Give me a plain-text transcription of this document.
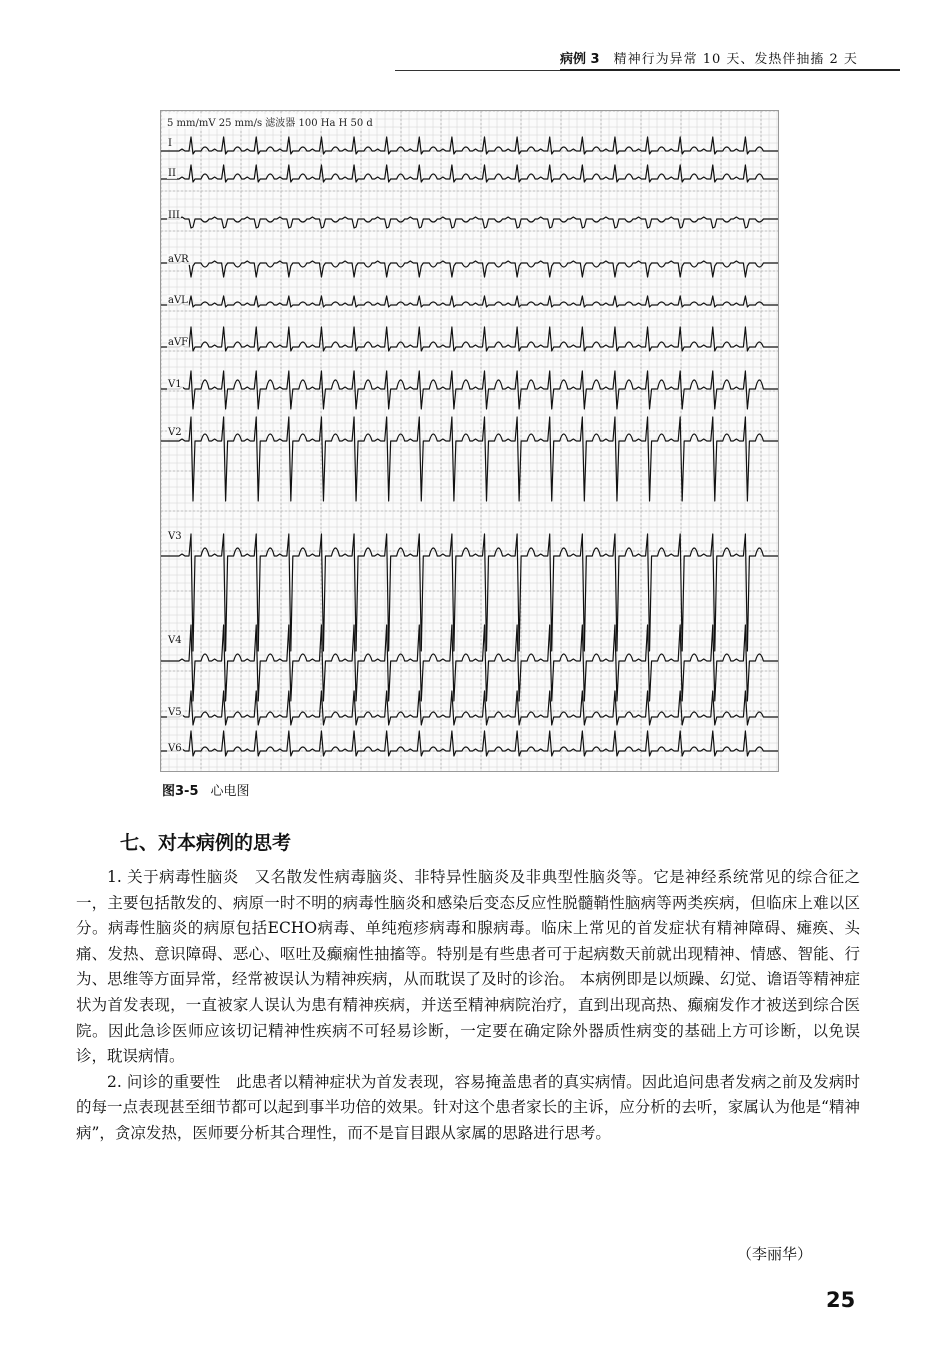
病例 3 精神行为异常 10 天、发热伴抽搐 2 天
5 mm/mV 25 mm/s 滤波器 100 Ha H 50 d
I
II
III
aVR
aVL
aVF
V1
V2
V3
V4
V5
V6
图3-5 心电图
七、对本病例的思考

1. 关于病毒性脑炎　又名散发性病毒脑炎、非特异性脑炎及非典型性脑炎等。它是神经系统常见的综合征之一，主要包括散发的、病原一时不明的病毒性脑炎和感染后变态反应性脱髓鞘性脑病等两类疾病，但临床上难以区分。病毒性脑炎的病原包括ECHO病毒、单纯疱疹病毒和腺病毒。临床上常见的首发症状有精神障碍、瘫痪、头痛、发热、意识障碍、恶心、呕吐及癫痫性抽搐等。特别是有些患者可于起病数天前就出现精神、情感、智能、行为、思维等方面异常，经常被误认为精神疾病，从而耽误了及时的诊治。 本病例即是以烦躁、幻觉、谵语等精神症状为首发表现，一直被家人误认为患有精神疾病，并送至精神病院治疗，直到出现高热、癫痫发作才被送到综合医院。因此急诊医师应该切记精神性疾病不可轻易诊断，一定要在确定除外器质性病变的基础上方可诊断，以免误诊，耽误病情。

2. 问诊的重要性　此患者以精神症状为首发表现，容易掩盖患者的真实病情。因此追问患者发病之前及发病时的每一点表现甚至细节都可以起到事半功倍的效果。针对这个患者家长的主诉，应分析的去听，家属认为他是“精神病”，贪凉发热，医师要分析其合理性，而不是盲目跟从家属的思路进行思考。

（李丽华）
25
